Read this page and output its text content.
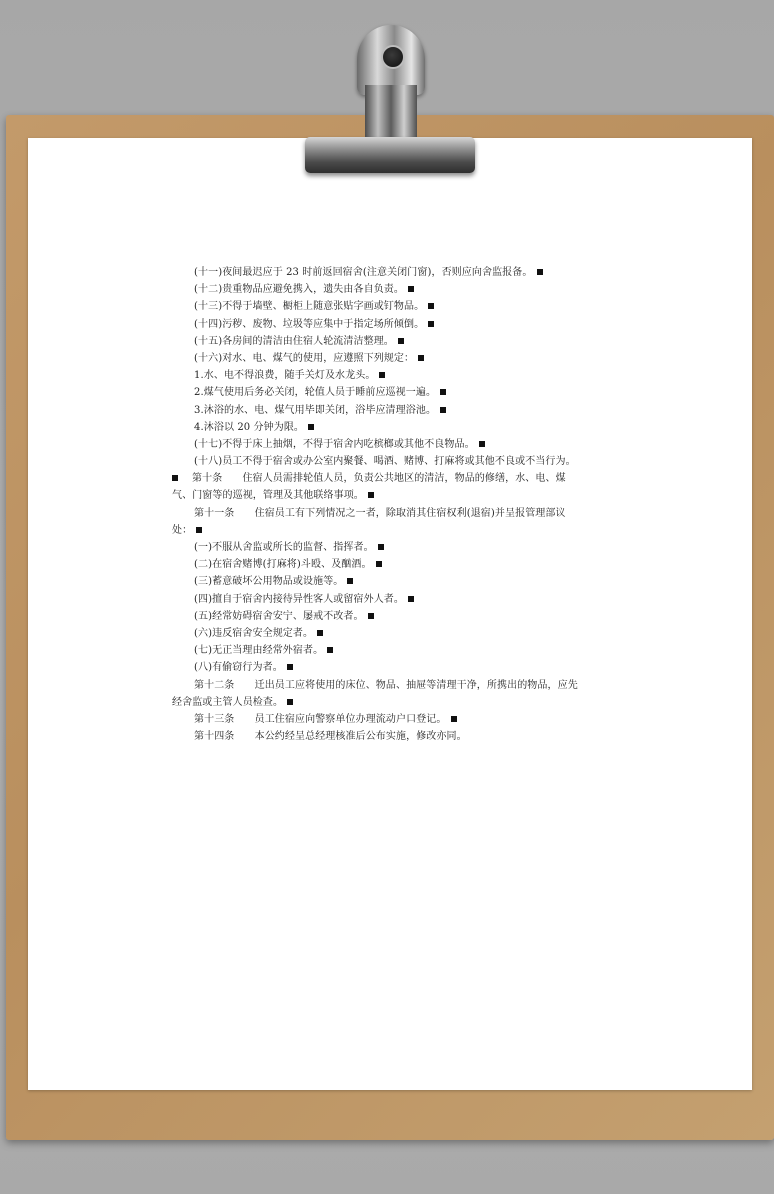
(十一)夜间最迟应于 23 时前返回宿舍(注意关闭门窗)，否则应向舍监报备。
(十二)贵重物品应避免携入，遗失由各自负责。
(十三)不得于墙壁、橱柜上随意张贴字画或钉物品。
(十四)污秽、废物、垃圾等应集中于指定场所倾倒。
(十五)各房间的清洁由住宿人轮流清洁整理。
(十六)对水、电、煤气的使用，应遵照下列规定：
1.水、电不得浪费，随手关灯及水龙头。
2.煤气使用后务必关闭，轮值人员于睡前应巡视一遍。
3.沐浴的水、电、煤气用毕即关闭，浴毕应清理浴池。
4.沐浴以 20 分钟为限。
(十七)不得于床上抽烟，不得于宿舍内吃槟榔或其他不良物品。
(十八)员工不得于宿舍或办公室内聚餐、喝酒、赌博、打麻将或其他不良或不当行为。
第十条　　住宿人员需排轮值人员，负责公共地区的清洁，物品的修缮，水、电、煤
气、门窗等的巡视，管理及其他联络事项。
第十一条　　住宿员工有下列情况之一者，除取消其住宿权利(退宿)并呈报管理部议
处：
(一)不服从舍监或所长的监督、指挥者。
(二)在宿舍赌博(打麻将)斗殴、及酗酒。
(三)蓄意破坏公用物品或设施等。
(四)擅自于宿舍内接待异性客人或留宿外人者。
(五)经常妨碍宿舍安宁、屡戒不改者。
(六)违反宿舍安全规定者。
(七)无正当理由经常外宿者。
(八)有偷窃行为者。
第十二条　　迁出员工应将使用的床位、物品、抽屉等清理干净，所携出的物品，应先
经舍监或主管人员检查。
第十三条　　员工住宿应向警察单位办理流动户口登记。
第十四条　　本公约经呈总经理核准后公布实施，修改亦同。
